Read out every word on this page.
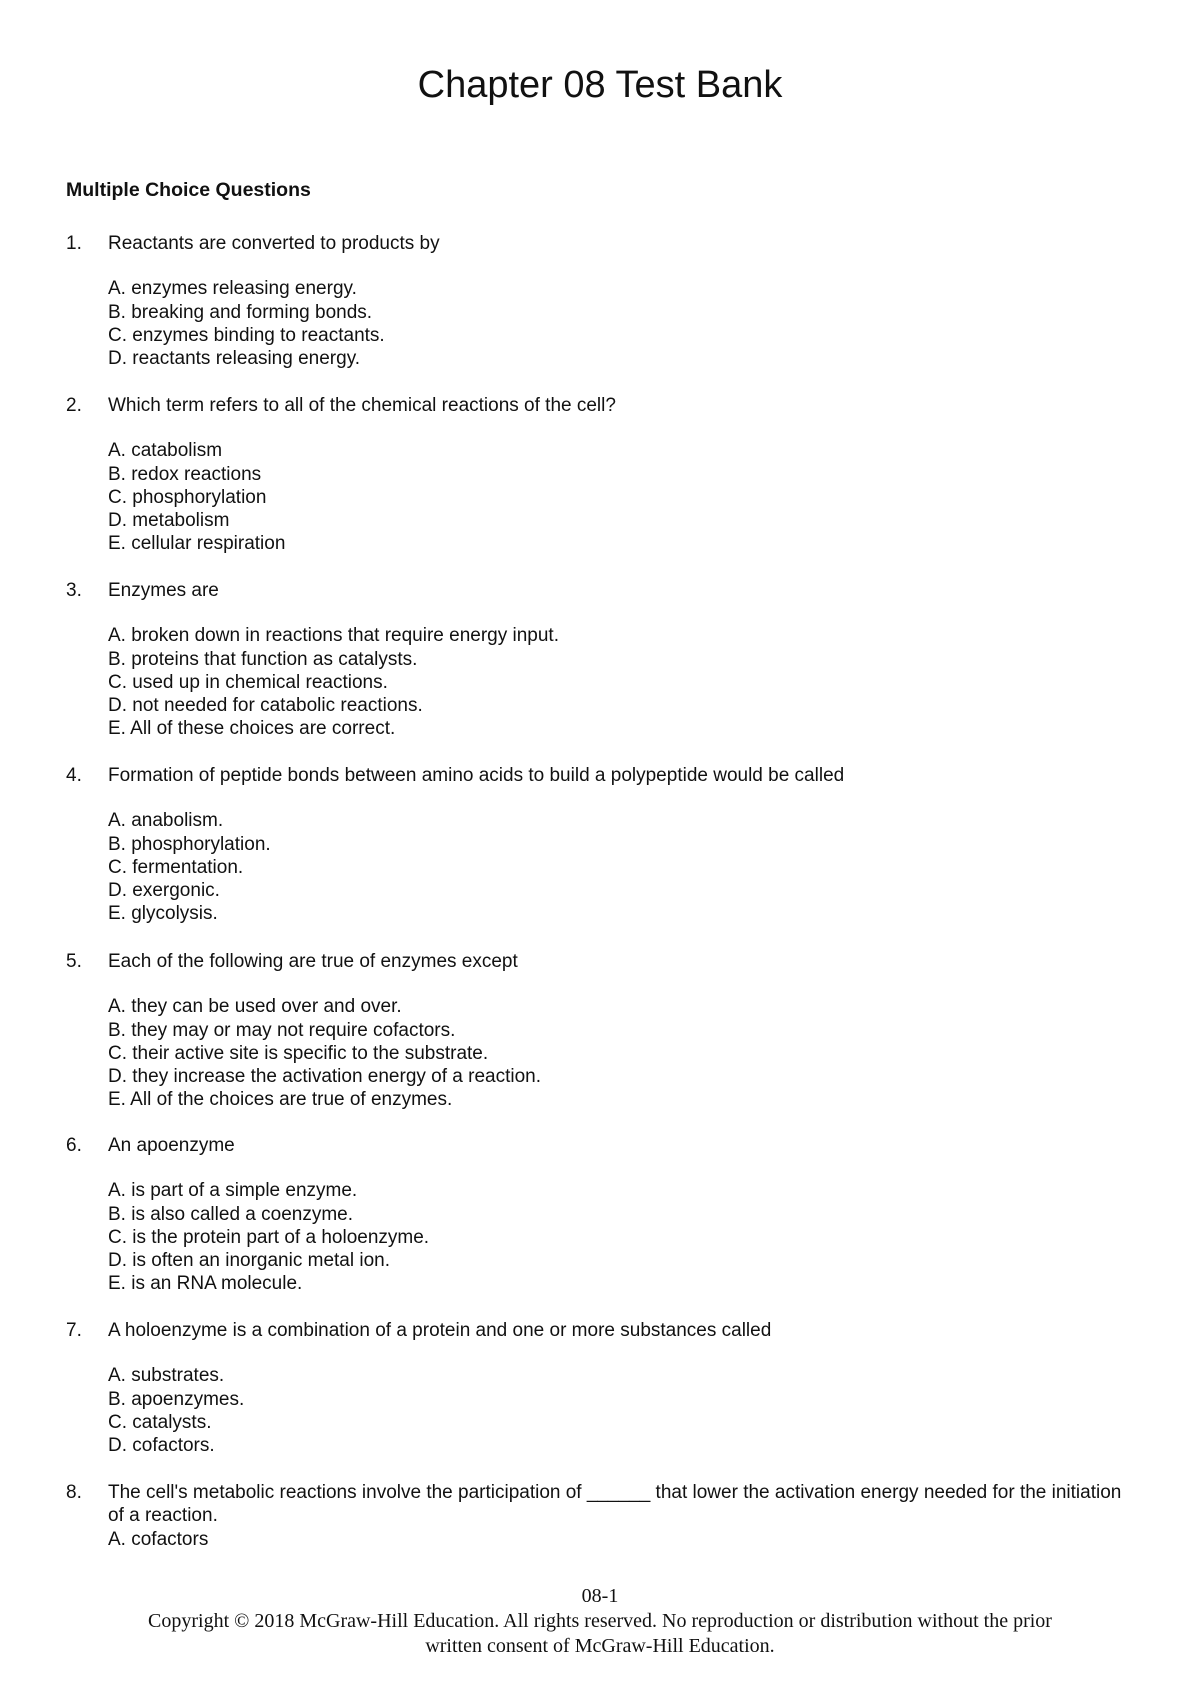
Chapter 08 Test Bank
Multiple Choice Questions
1. Reactants are converted to products by
A. enzymes releasing energy.
B. breaking and forming bonds.
C. enzymes binding to reactants.
D. reactants releasing energy.
2. Which term refers to all of the chemical reactions of the cell?
A. catabolism
B. redox reactions
C. phosphorylation
D. metabolism
E. cellular respiration
3. Enzymes are
A. broken down in reactions that require energy input.
B. proteins that function as catalysts.
C. used up in chemical reactions.
D. not needed for catabolic reactions.
E. All of these choices are correct.
4. Formation of peptide bonds between amino acids to build a polypeptide would be called
A. anabolism.
B. phosphorylation.
C. fermentation.
D. exergonic.
E. glycolysis.
5. Each of the following are true of enzymes except
A. they can be used over and over.
B. they may or may not require cofactors.
C. their active site is specific to the substrate.
D. they increase the activation energy of a reaction.
E. All of the choices are true of enzymes.
6. An apoenzyme
A. is part of a simple enzyme.
B. is also called a coenzyme.
C. is the protein part of a holoenzyme.
D. is often an inorganic metal ion.
E. is an RNA molecule.
7. A holoenzyme is a combination of a protein and one or more substances called
A. substrates.
B. apoenzymes.
C. catalysts.
D. cofactors.
8. The cell's metabolic reactions involve the participation of ______ that lower the activation energy needed for the initiation of a reaction.
A. cofactors
08-1
Copyright © 2018 McGraw-Hill Education. All rights reserved. No reproduction or distribution without the prior written consent of McGraw-Hill Education.
